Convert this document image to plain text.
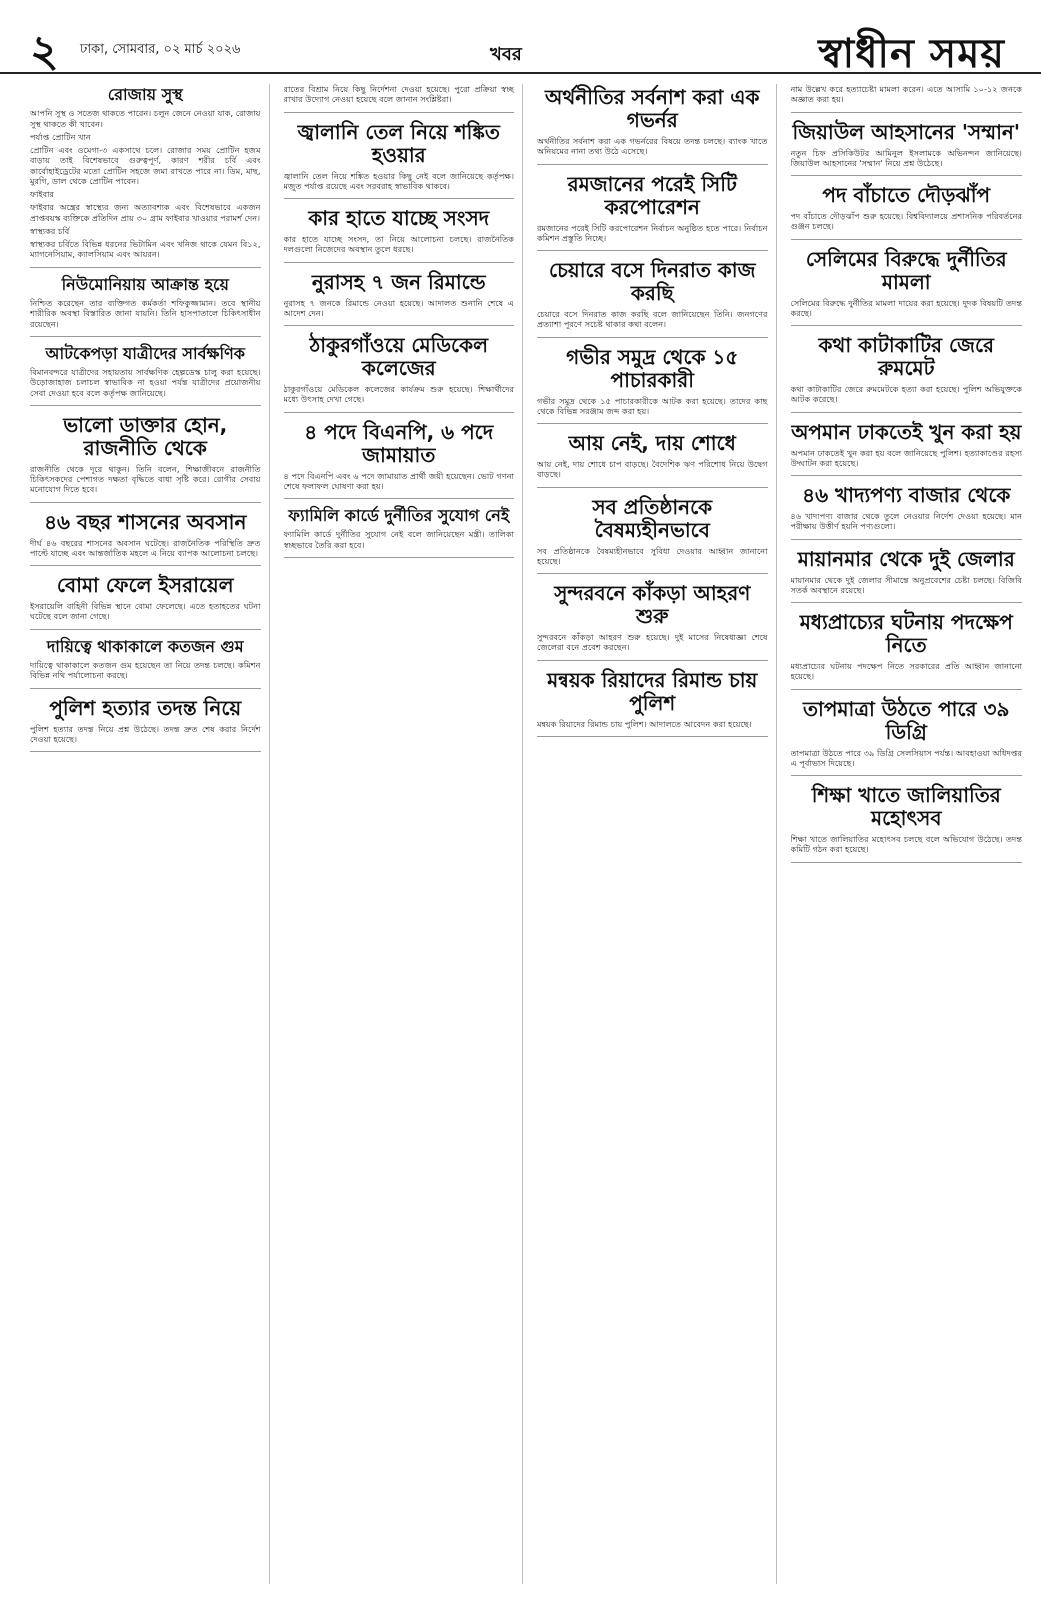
২ ঢাকা, সোমবার, ০২ মার্চ ২০২৬	খবর	স্বাধীন সময়
রোজায় সুস্থ

আপনি সুস্থ ও সতেজ থাকতে পারেন। চলুন জেনে নেওয়া যাক, রোজায় সুস্থ থাকতে কী খাবেন।

পর্যাপ্ত প্রোটিন খান

প্রোটিন এবং ওমেগা-৩ একসাথে চলে। রোজার সময় প্রোটিন হজম বাড়ায় তাই বিশেষভাবে গুরুত্বপূর্ণ, কারণ শরীর চর্বি এবং কার্বোহাইড্রেটের মতো প্রোটিন সহজে জমা রাখতে পারে না। ডিম, মাছ, মুরগি, ডাল থেকে প্রোটিন পাবেন।

ফাইবার

ফাইবার অন্ত্রের স্বাস্থ্যের জন্য অত্যাবশ্যক এবং বিশেষভাবে একজন প্রাপ্তবয়স্ক ব্যক্তিকে প্রতিদিন প্রায় ৩০ গ্রাম ফাইবার খাওয়ার পরামর্শ দেন।

স্বাস্থ্যকর চর্বি

স্বাস্থ্যকর চর্বিতে বিভিন্ন ধরনের ভিটামিন এবং খনিজ থাকে যেমন বি১২, ম্যাগনেসিয়াম, ক্যালসিয়াম এবং আয়রন।

নিউমোনিয়ায় আক্রান্ত হয়ে

নিশ্চিত করেছেন তার ব্যক্তিগত কর্মকর্তা শফিকুজ্জামান। তবে স্থানীয় শারীরিক অবস্থা বিস্তারিত জানা যায়নি। তিনি হাসপাতালে চিকিৎসাধীন রয়েছেন।

আটকেপড়া যাত্রীদের সার্বক্ষণিক

বিমানবন্দরে যাত্রীদের সহায়তায় সার্বক্ষণিক হেল্পডেস্ক চালু করা হয়েছে। উড়োজাহাজ চলাচল স্বাভাবিক না হওয়া পর্যন্ত যাত্রীদের প্রয়োজনীয় সেবা দেওয়া হবে বলে কর্তৃপক্ষ জানিয়েছে।

ভালো ডাক্তার হোন, রাজনীতি থেকে

রাজনীতি থেকে দূরে থাকুন। তিনি বলেন, শিক্ষাজীবনে রাজনীতি চিকিৎসকদের পেশাগত দক্ষতা বৃদ্ধিতে বাধা সৃষ্টি করে। রোগীর সেবায় মনোযোগ দিতে হবে।

৪৬ বছর শাসনের অবসান

দীর্ঘ ৪৬ বছরের শাসনের অবসান ঘটেছে। রাজনৈতিক পরিস্থিতি দ্রুত পাল্টে যাচ্ছে এবং আন্তর্জাতিক মহলে এ নিয়ে ব্যাপক আলোচনা চলছে।

বোমা ফেলে ইসরায়েল

ইসরায়েলি বাহিনী বিভিন্ন স্থানে বোমা ফেলেছে। এতে হতাহতের ঘটনা ঘটেছে বলে জানা গেছে।

দায়িত্বে থাকাকালে কতজন গুম

দায়িত্বে থাকাকালে কতজন গুম হয়েছেন তা নিয়ে তদন্ত চলছে। কমিশন বিভিন্ন নথি পর্যালোচনা করছে।

পুলিশ হত্যার তদন্ত নিয়ে

পুলিশ হত্যার তদন্ত নিয়ে প্রশ্ন উঠেছে। তদন্ত দ্রুত শেষ করার নির্দেশ দেওয়া হয়েছে।

রাতের বিশ্রাম নিয়ে কিছু নির্দেশনা দেওয়া হয়েছে। পুরো প্রক্রিয়া স্বচ্ছ রাখার উদ্যোগ নেওয়া হয়েছে বলে জানান সংশ্লিষ্টরা।

জ্বালানি তেল নিয়ে শঙ্কিত হওয়ার

জ্বালানি তেল নিয়ে শঙ্কিত হওয়ার কিছু নেই বলে জানিয়েছে কর্তৃপক্ষ। মজুত পর্যাপ্ত রয়েছে এবং সরবরাহ স্বাভাবিক থাকবে।

কার হাতে যাচ্ছে সংসদ

কার হাতে যাচ্ছে সংসদ, তা নিয়ে আলোচনা চলছে। রাজনৈতিক দলগুলো নিজেদের অবস্থান তুলে ধরছে।

নুরাসহ ৭ জন রিমান্ডে

নুরাসহ ৭ জনকে রিমান্ডে নেওয়া হয়েছে। আদালত শুনানি শেষে এ আদেশ দেন।

ঠাকুরগাঁওয়ে মেডিকেল কলেজের

ঠাকুরগাঁওয়ে মেডিকেল কলেজের কার্যক্রম শুরু হয়েছে। শিক্ষার্থীদের মধ্যে উৎসাহ দেখা গেছে।

৪ পদে বিএনপি, ৬ পদে জামায়াত

৪ পদে বিএনপি এবং ৬ পদে জামায়াত প্রার্থী জয়ী হয়েছেন। ভোট গণনা শেষে ফলাফল ঘোষণা করা হয়।

ফ্যামিলি কার্ডে দুর্নীতির সুযোগ নেই

ফ্যামিলি কার্ডে দুর্নীতির সুযোগ নেই বলে জানিয়েছেন মন্ত্রী। তালিকা স্বচ্ছভাবে তৈরি করা হবে।

অর্থনীতির সর্বনাশ করা এক গভর্নর

অর্থনীতির সর্বনাশ করা এক গভর্নরের বিষয়ে তদন্ত চলছে। ব্যাংক খাতে অনিয়মের নানা তথ্য উঠে এসেছে।

রমজানের পরেই সিটি করপোরেশন

রমজানের পরেই সিটি করপোরেশন নির্বাচন অনুষ্ঠিত হতে পারে। নির্বাচন কমিশন প্রস্তুতি নিচ্ছে।

চেয়ারে বসে দিনরাত কাজ করছি

চেয়ারে বসে দিনরাত কাজ করছি বলে জানিয়েছেন তিনি। জনগণের প্রত্যাশা পূরণে সচেষ্ট থাকার কথা বলেন।

গভীর সমুদ্র থেকে ১৫ পাচারকারী

গভীর সমুদ্র থেকে ১৫ পাচারকারীকে আটক করা হয়েছে। তাদের কাছ থেকে বিভিন্ন সরঞ্জাম জব্দ করা হয়।

আয় নেই, দায় শোধে

আয় নেই, দায় শোধে চাপ বাড়ছে। বৈদেশিক ঋণ পরিশোধ নিয়ে উদ্বেগ বাড়ছে।

সব প্রতিষ্ঠানকে বৈষম্যহীনভাবে

সব প্রতিষ্ঠানকে বৈষম্যহীনভাবে সুবিধা দেওয়ার আহ্বান জানানো হয়েছে।

সুন্দরবনে কাঁকড়া আহরণ শুরু

সুন্দরবনে কাঁকড়া আহরণ শুরু হয়েছে। দুই মাসের নিষেধাজ্ঞা শেষে জেলেরা বনে প্রবেশ করছেন।

মন্বয়ক রিয়াদের রিমান্ড চায় পুলিশ

মন্বয়ক রিয়াদের রিমান্ড চায় পুলিশ। আদালতে আবেদন করা হয়েছে।

নাম উল্লেখ করে হত্যাচেষ্টা মামলা করেন। এতে আসামি ১০-১২ জনকে অজ্ঞাত করা হয়।

জিয়াউল আহসানের 'সম্মান'

নতুন চিফ প্রসিকিউটর আমিনুল ইসলামকে অভিনন্দন জানিয়েছে। জিয়াউল আহসানের 'সম্মান' নিয়ে প্রশ্ন উঠেছে।

পদ বাঁচাতে দৌড়ঝাঁপ

পদ বাঁচাতে দৌড়ঝাঁপ শুরু হয়েছে। বিশ্ববিদ্যালয়ে প্রশাসনিক পরিবর্তনের গুঞ্জন চলছে।

সেলিমের বিরুদ্ধে দুর্নীতির মামলা

সেলিমের বিরুদ্ধে দুর্নীতির মামলা দায়ের করা হয়েছে। দুদক বিষয়টি তদন্ত করছে।

কথা কাটাকাটির জেরে রুমমেট

কথা কাটাকাটির জেরে রুমমেটকে হত্যা করা হয়েছে। পুলিশ অভিযুক্তকে আটক করেছে।

অপমান ঢাকতেই খুন করা হয়

অপমান ঢাকতেই খুন করা হয় বলে জানিয়েছে পুলিশ। হত্যাকাণ্ডের রহস্য উদ্ঘাটন করা হয়েছে।

৪৬ খাদ্যপণ্য বাজার থেকে

৪৬ খাদ্যপণ্য বাজার থেকে তুলে নেওয়ার নির্দেশ দেওয়া হয়েছে। মান পরীক্ষায় উত্তীর্ণ হয়নি পণ্যগুলো।

মায়ানমার থেকে দুই জেলার

মায়ানমার থেকে দুই জেলার সীমান্তে অনুপ্রবেশের চেষ্টা চলছে। বিজিবি সতর্ক অবস্থানে রয়েছে।

মধ্যপ্রাচ্যের ঘটনায় পদক্ষেপ নিতে

মধ্যপ্রাচ্যের ঘটনায় পদক্ষেপ নিতে সরকারের প্রতি আহ্বান জানানো হয়েছে।

তাপমাত্রা উঠতে পারে ৩৯ ডিগ্রি

তাপমাত্রা উঠতে পারে ৩৯ ডিগ্রি সেলসিয়াস পর্যন্ত। আবহাওয়া অধিদপ্তর এ পূর্বাভাস দিয়েছে।

শিক্ষা খাতে জালিয়াতির মহোৎসব

শিক্ষা খাতে জালিয়াতির মহোৎসব চলছে বলে অভিযোগ উঠেছে। তদন্ত কমিটি গঠন করা হয়েছে।
